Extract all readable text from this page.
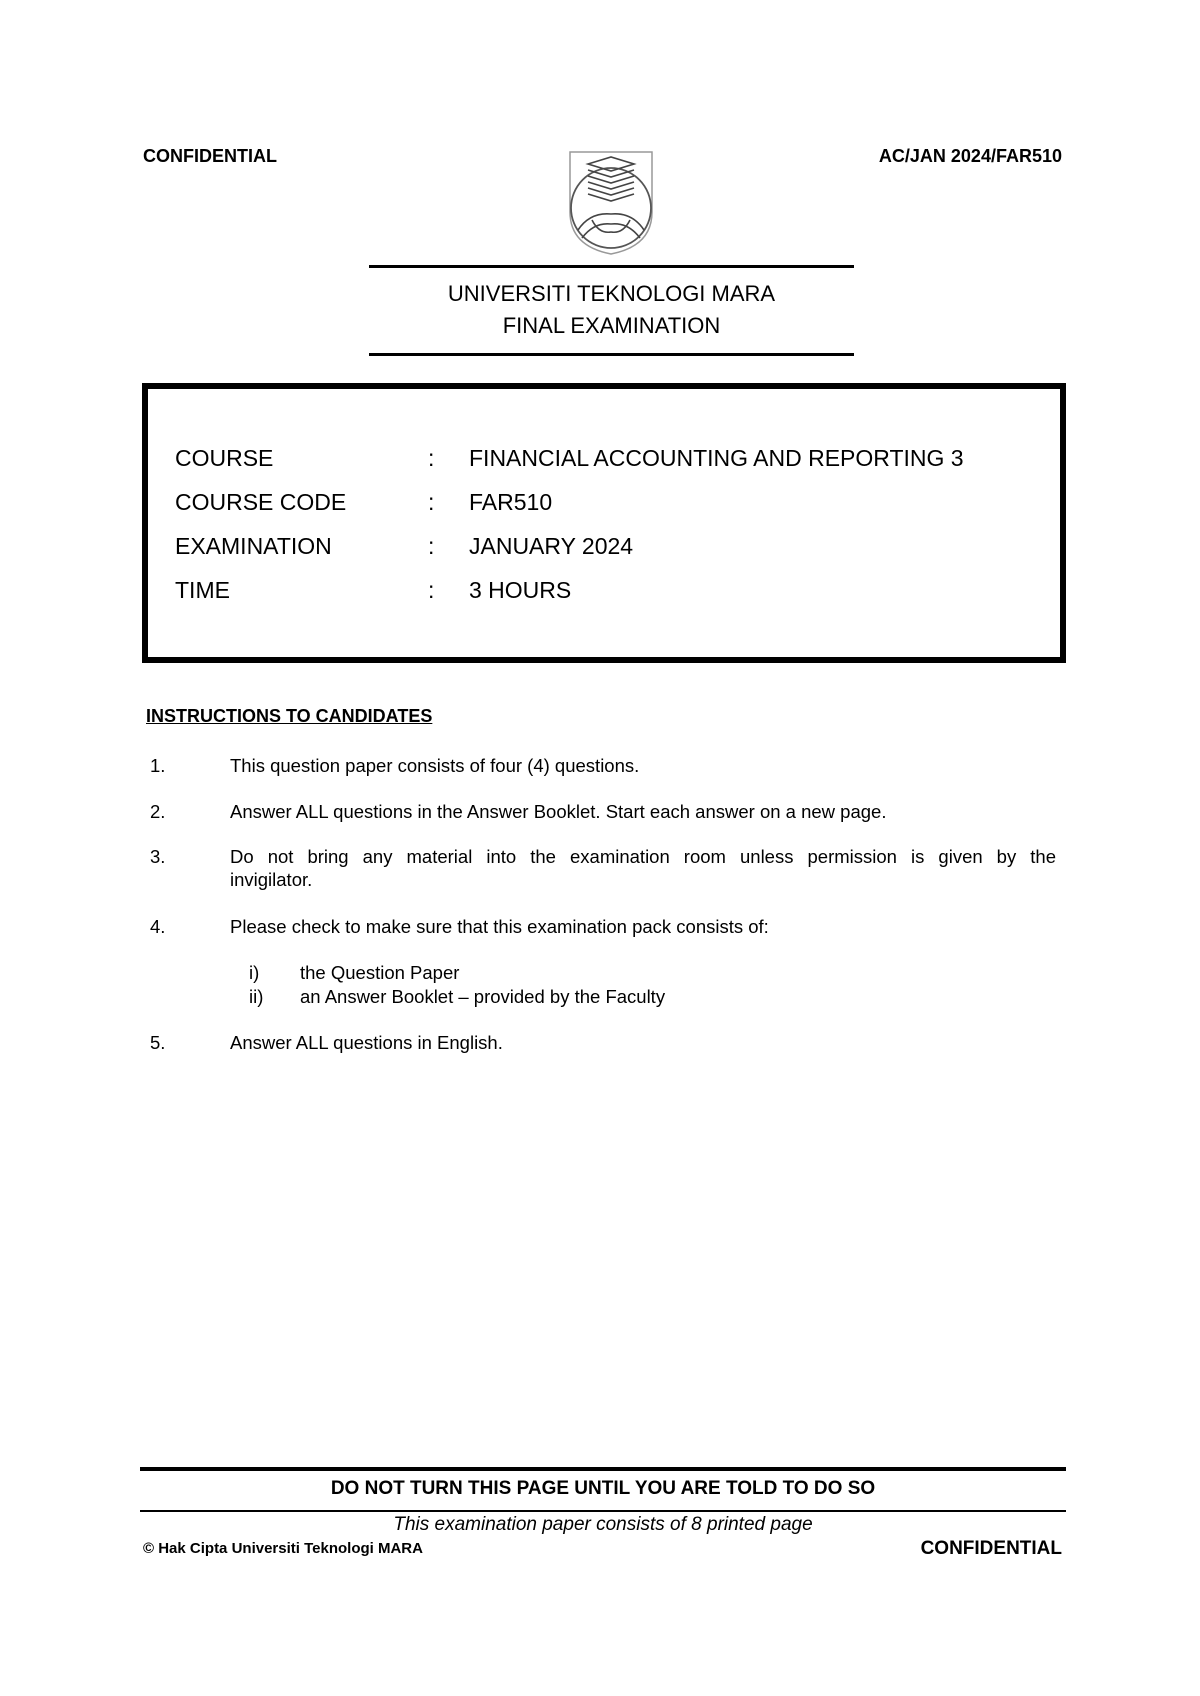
CONFIDENTIAL	AC/JAN 2024/FAR510
UNIVERSITI TEKNOLOGI MARA
FINAL EXAMINATION
COURSE	: FINANCIAL ACCOUNTING AND REPORTING 3
COURSE CODE	: FAR510
EXAMINATION	: JANUARY 2024
TIME	: 3 HOURS
INSTRUCTIONS TO CANDIDATES
1.	This question paper consists of four (4) questions.
2.	Answer ALL questions in the Answer Booklet. Start each answer on a new page.
3.	Do not bring any material into the examination room unless permission is given by the
invigilator.
4.	Please check to make sure that this examination pack consists of:
i) the Question Paper
ii) an Answer Booklet – provided by the Faculty
5.	Answer ALL questions in English.
DO NOT TURN THIS PAGE UNTIL YOU ARE TOLD TO DO SO
This examination paper consists of 8 printed page
© Hak Cipta Universiti Teknologi MARA	CONFIDENTIAL
